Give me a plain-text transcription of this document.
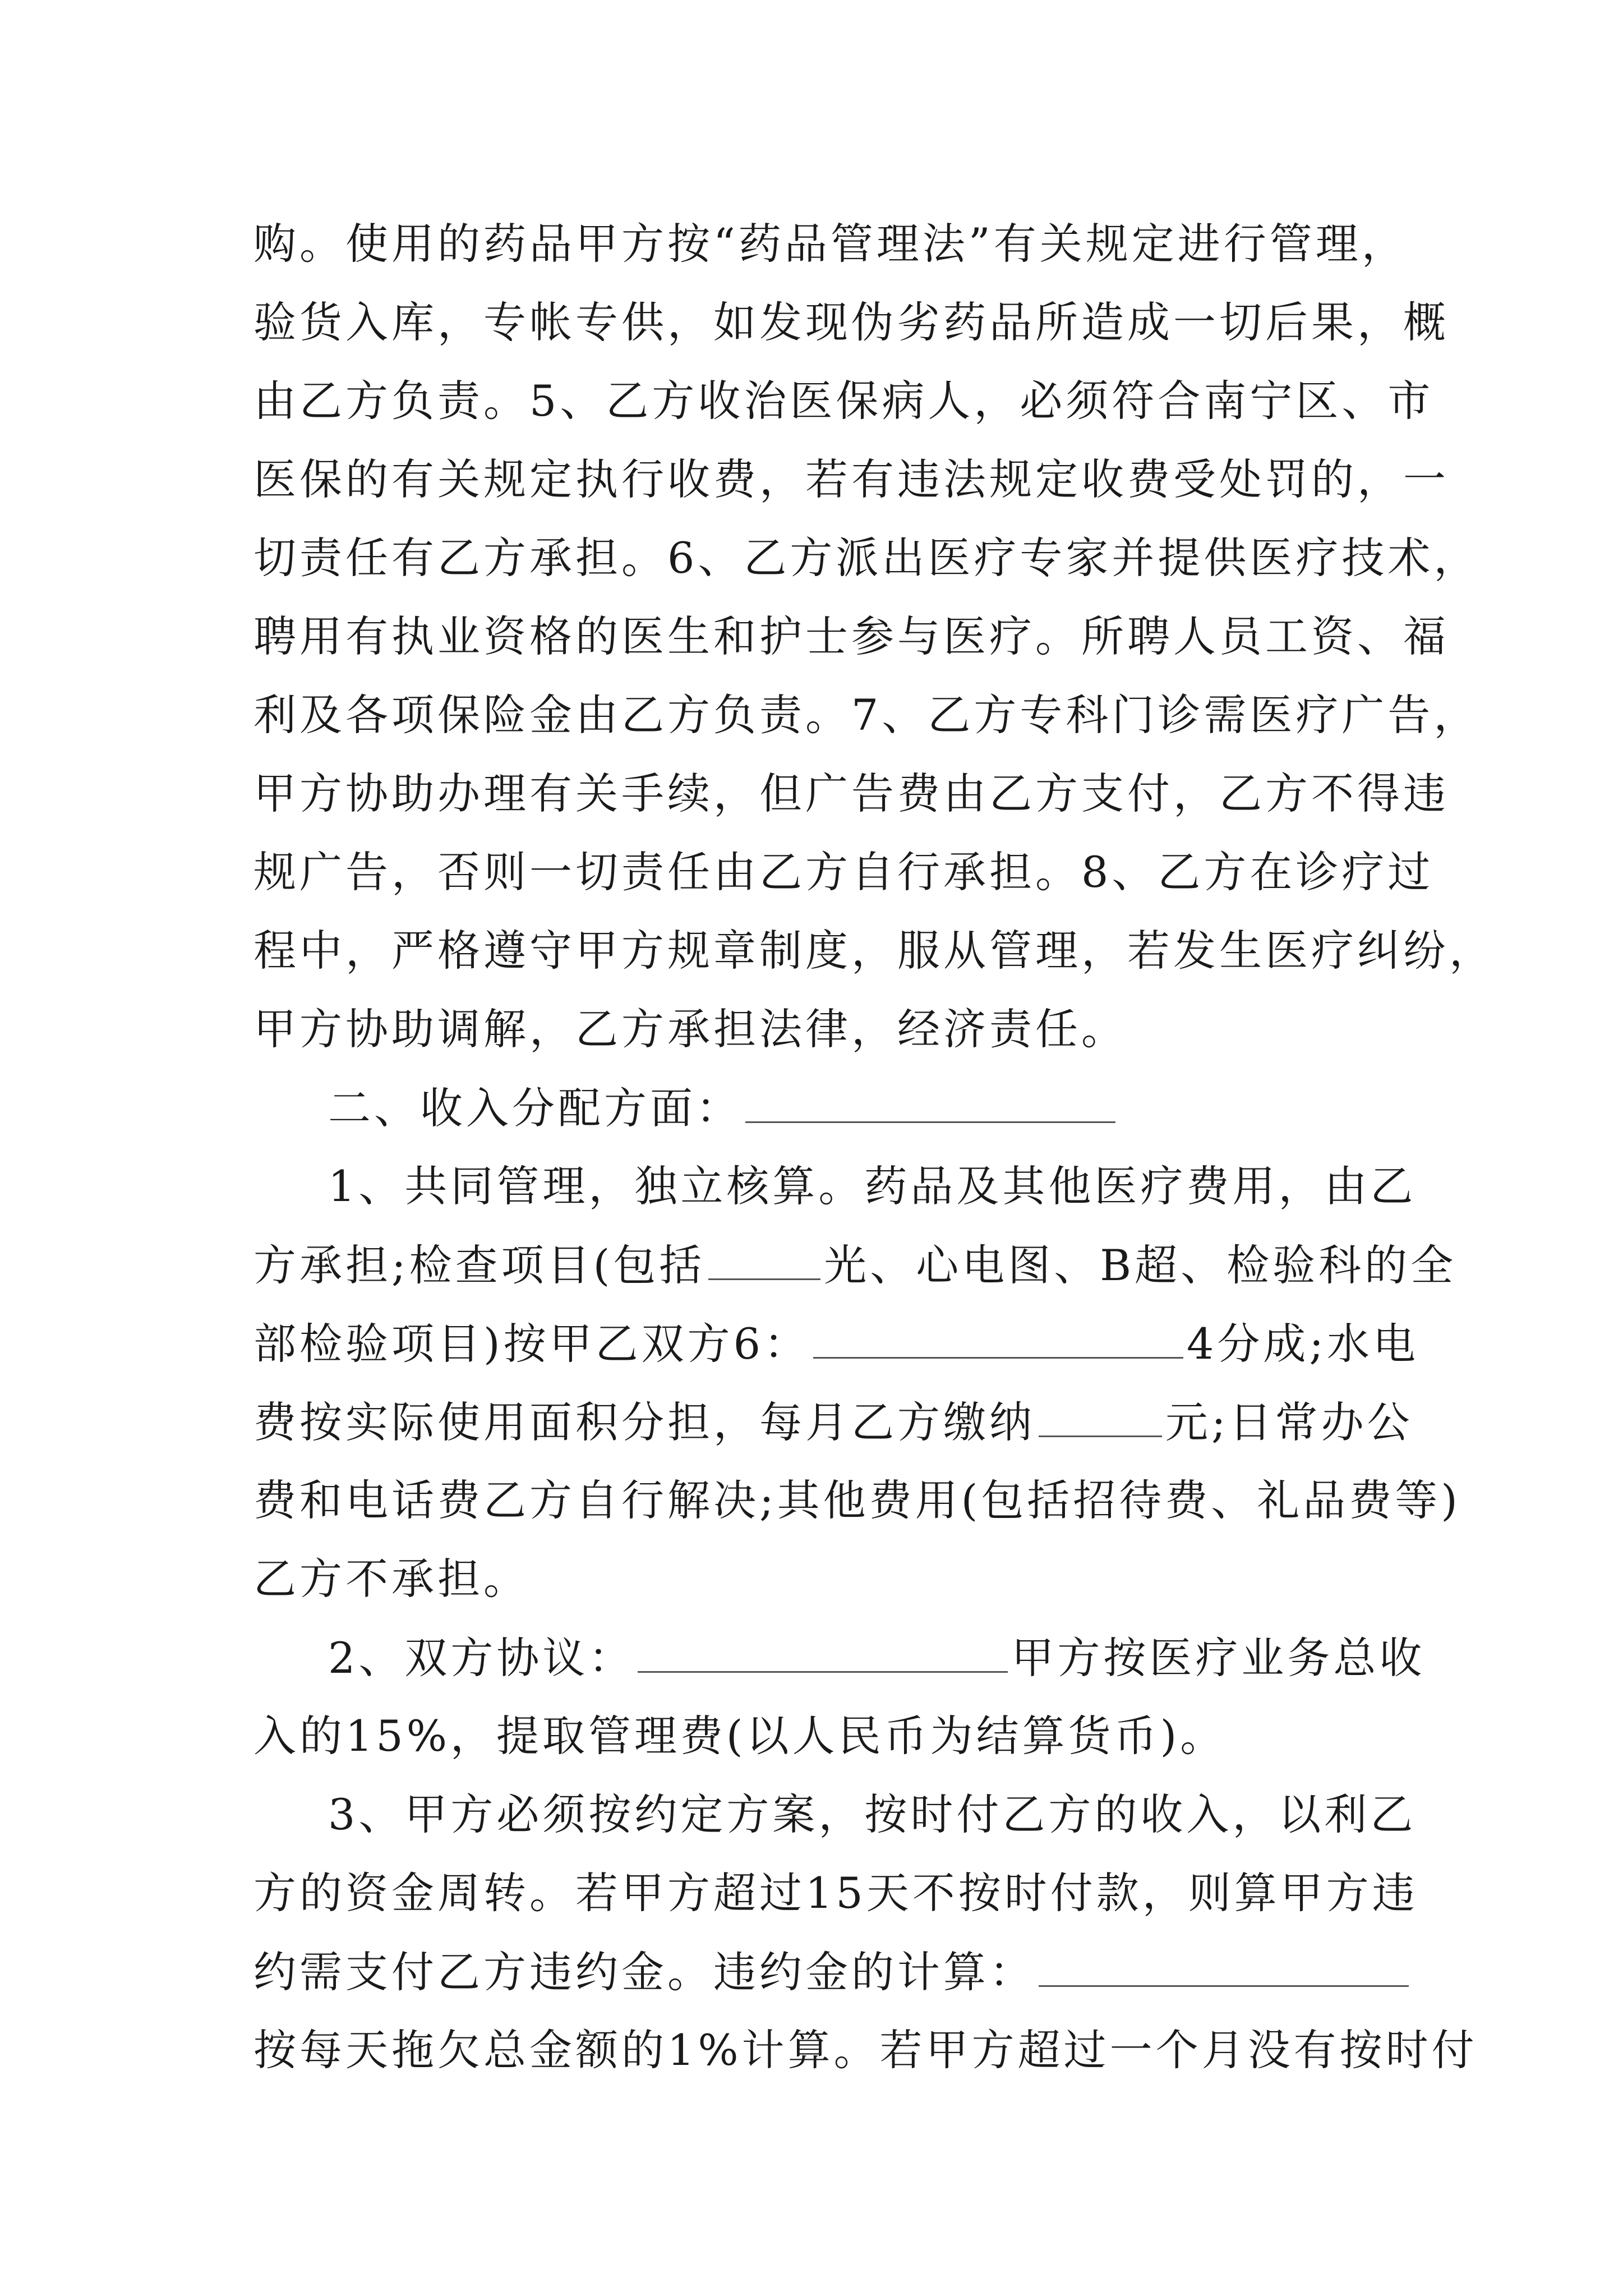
购。使用的药品甲方按“药品管理法”有关规定进行管理，
验货入库，专帐专供，如发现伪劣药品所造成一切后果，概
由乙方负责。5、乙方收治医保病人，必须符合南宁区、市
医保的有关规定执行收费，若有违法规定收费受处罚的，一
切责任有乙方承担。6、乙方派出医疗专家并提供医疗技术，
聘用有执业资格的医生和护士参与医疗。所聘人员工资、福
利及各项保险金由乙方负责。7、乙方专科门诊需医疗广告，
甲方协助办理有关手续，但广告费由乙方支付，乙方不得违
规广告，否则一切责任由乙方自行承担。8、乙方在诊疗过
程中，严格遵守甲方规章制度，服从管理，若发生医疗纠纷，
甲方协助调解，乙方承担法律，经济责任。
二、收入分配方面：
1、共同管理，独立核算。药品及其他医疗费用，由乙
方承担;检查项目(包括	光、心电图、B超、检验科的全
部检验项目)按甲乙双方6：	4分成;水电
费按实际使用面积分担，每月乙方缴纳	元;日常办公
费和电话费乙方自行解决;其他费用(包括招待费、礼品费等)
乙方不承担。
2、双方协议：	甲方按医疗业务总收
入的15%，提取管理费(以人民币为结算货币)。
3、甲方必须按约定方案，按时付乙方的收入，以利乙
方的资金周转。若甲方超过15天不按时付款，则算甲方违
约需支付乙方违约金。违约金的计算：
按每天拖欠总金额的1%计算。若甲方超过一个月没有按时付
